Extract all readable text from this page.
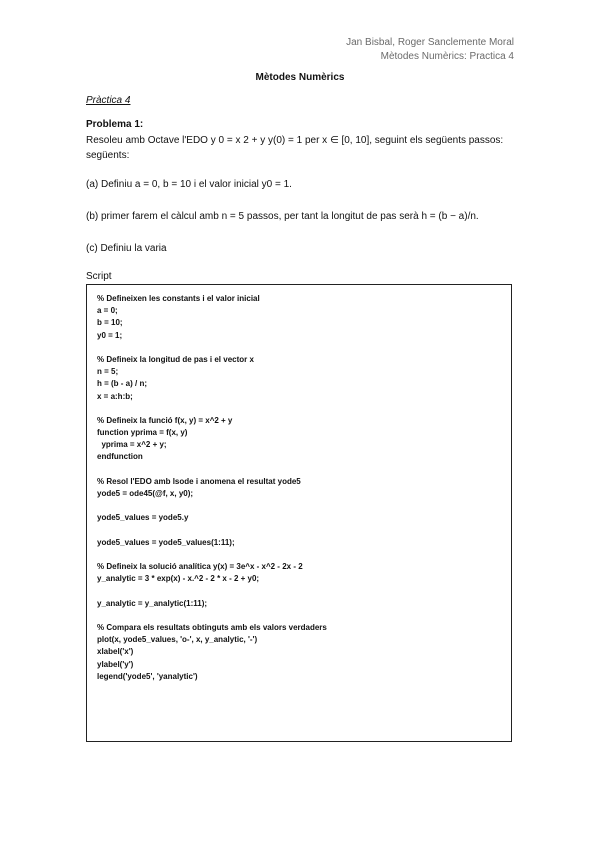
Jan Bisbal, Roger Sanclemente Moral
Mètodes Numèrics: Practica 4
Mètodes Numèrics
Pràctica 4
Problema 1:
Resoleu amb Octave l'EDO y 0 = x 2 + y y(0) = 1 per x ∈ [0, 10], seguint els següents passos: següents:
(a) Definiu a = 0, b = 10 i el valor inicial y0 = 1.
(b) primer farem el càlcul amb n = 5 passos, per tant la longitut de pas serà h = (b − a)/n.
(c) Definiu la varia
Script
% Defineixen les constants i el valor inicial
a = 0;
b = 10;
y0 = 1;
% Defineix la longitud de pas i el vector x
n = 5;
h = (b - a) / n;
x = a:h:b;
% Defineix la funció f(x, y) = x^2 + y
function yprima = f(x, y)
yprima = x^2 + y;
endfunction
% Resol l'EDO amb lsode i anomena el resultat yode5
yode5 = ode45(@f, x, y0);
yode5_values = yode5.y
yode5_values = yode5_values(1:11);
% Defineix la solució analítica y(x) = 3e^x - x^2 - 2x - 2
y_analytic = 3 * exp(x) - x.^2 - 2 * x - 2 + y0;
y_analytic = y_analytic(1:11);
% Compara els resultats obtinguts amb els valors verdaders
plot(x, yode5_values, 'o-', x, y_analytic, '-')
xlabel('x')
ylabel('y')
legend('yode5', 'yanalytic')
